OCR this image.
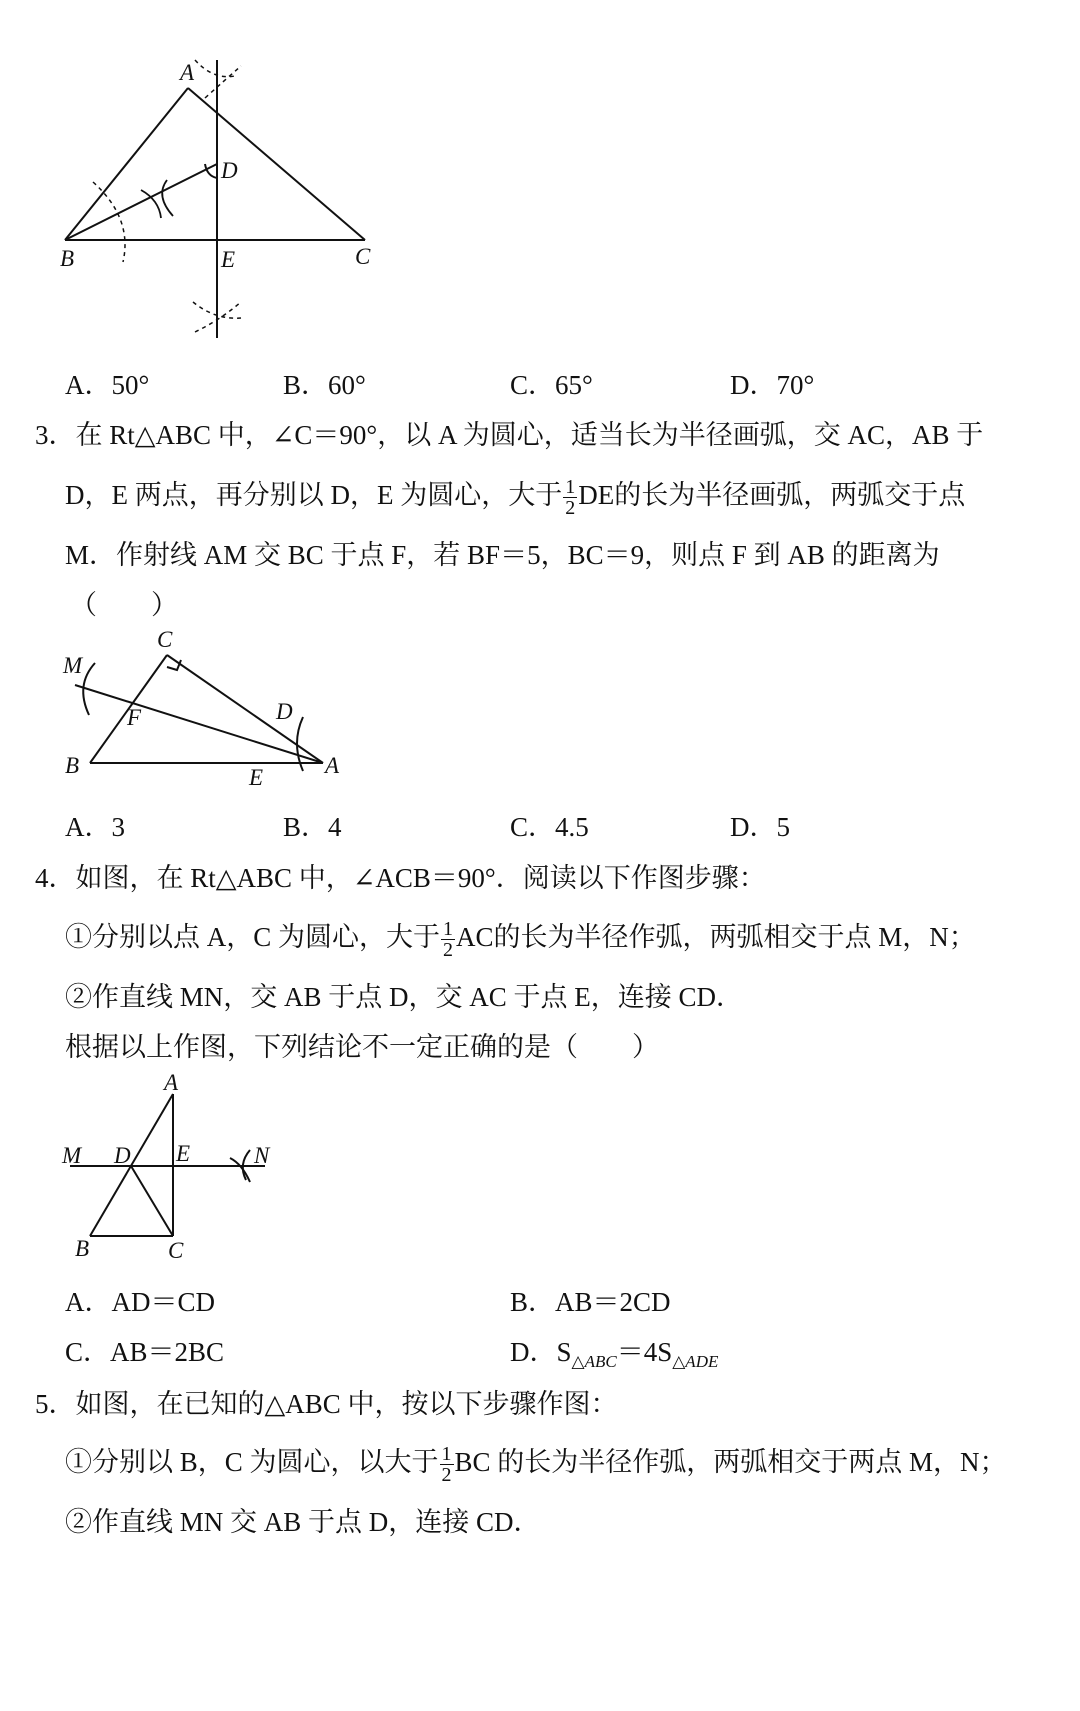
A
D
B	E	C
A．50°	B．60°	C．65°	D．70°
3．在 Rt△ABC 中，∠C＝90°，以 A 为圆心，适当长为半径画弧，交 AC，AB 于
D，E 两点，再分别以 D，E 为圆心，大于 $\frac{1}{2}$ DE的长为半径画弧，两弧交于点
M．作射线 AM 交 BC 于点 F，若 BF＝5，BC＝9，则点 F 到 AB 的距离为
（　　）
C
M
F	D
B	E	A
A．3	B．4	C．4.5	D．5
4．如图，在 Rt△ABC 中，∠ACB＝90°．阅读以下作图步骤：
①分别以点 A，C 为圆心，大于 $\frac{1}{2}$ AC的长为半径作弧，两弧相交于点 M，N；
②作直线 MN，交 AB 于点 D，交 AC 于点 E，连接 CD．
根据以上作图，下列结论不一定正确的是（　　）
A
M D E	N
B	C
A．AD＝CD	B．AB＝2CD
C．AB＝2BC	D．$S_{\triangle ABC}=4S_{\triangle ADE}$
5．如图，在已知的△ABC 中，按以下步骤作图：
①分别以 B，C 为圆心，以大于 $\frac{1}{2}$ BC 的长为半径作弧，两弧相交于两点 M，N；
②作直线 MN 交 AB 于点 D，连接 CD．
